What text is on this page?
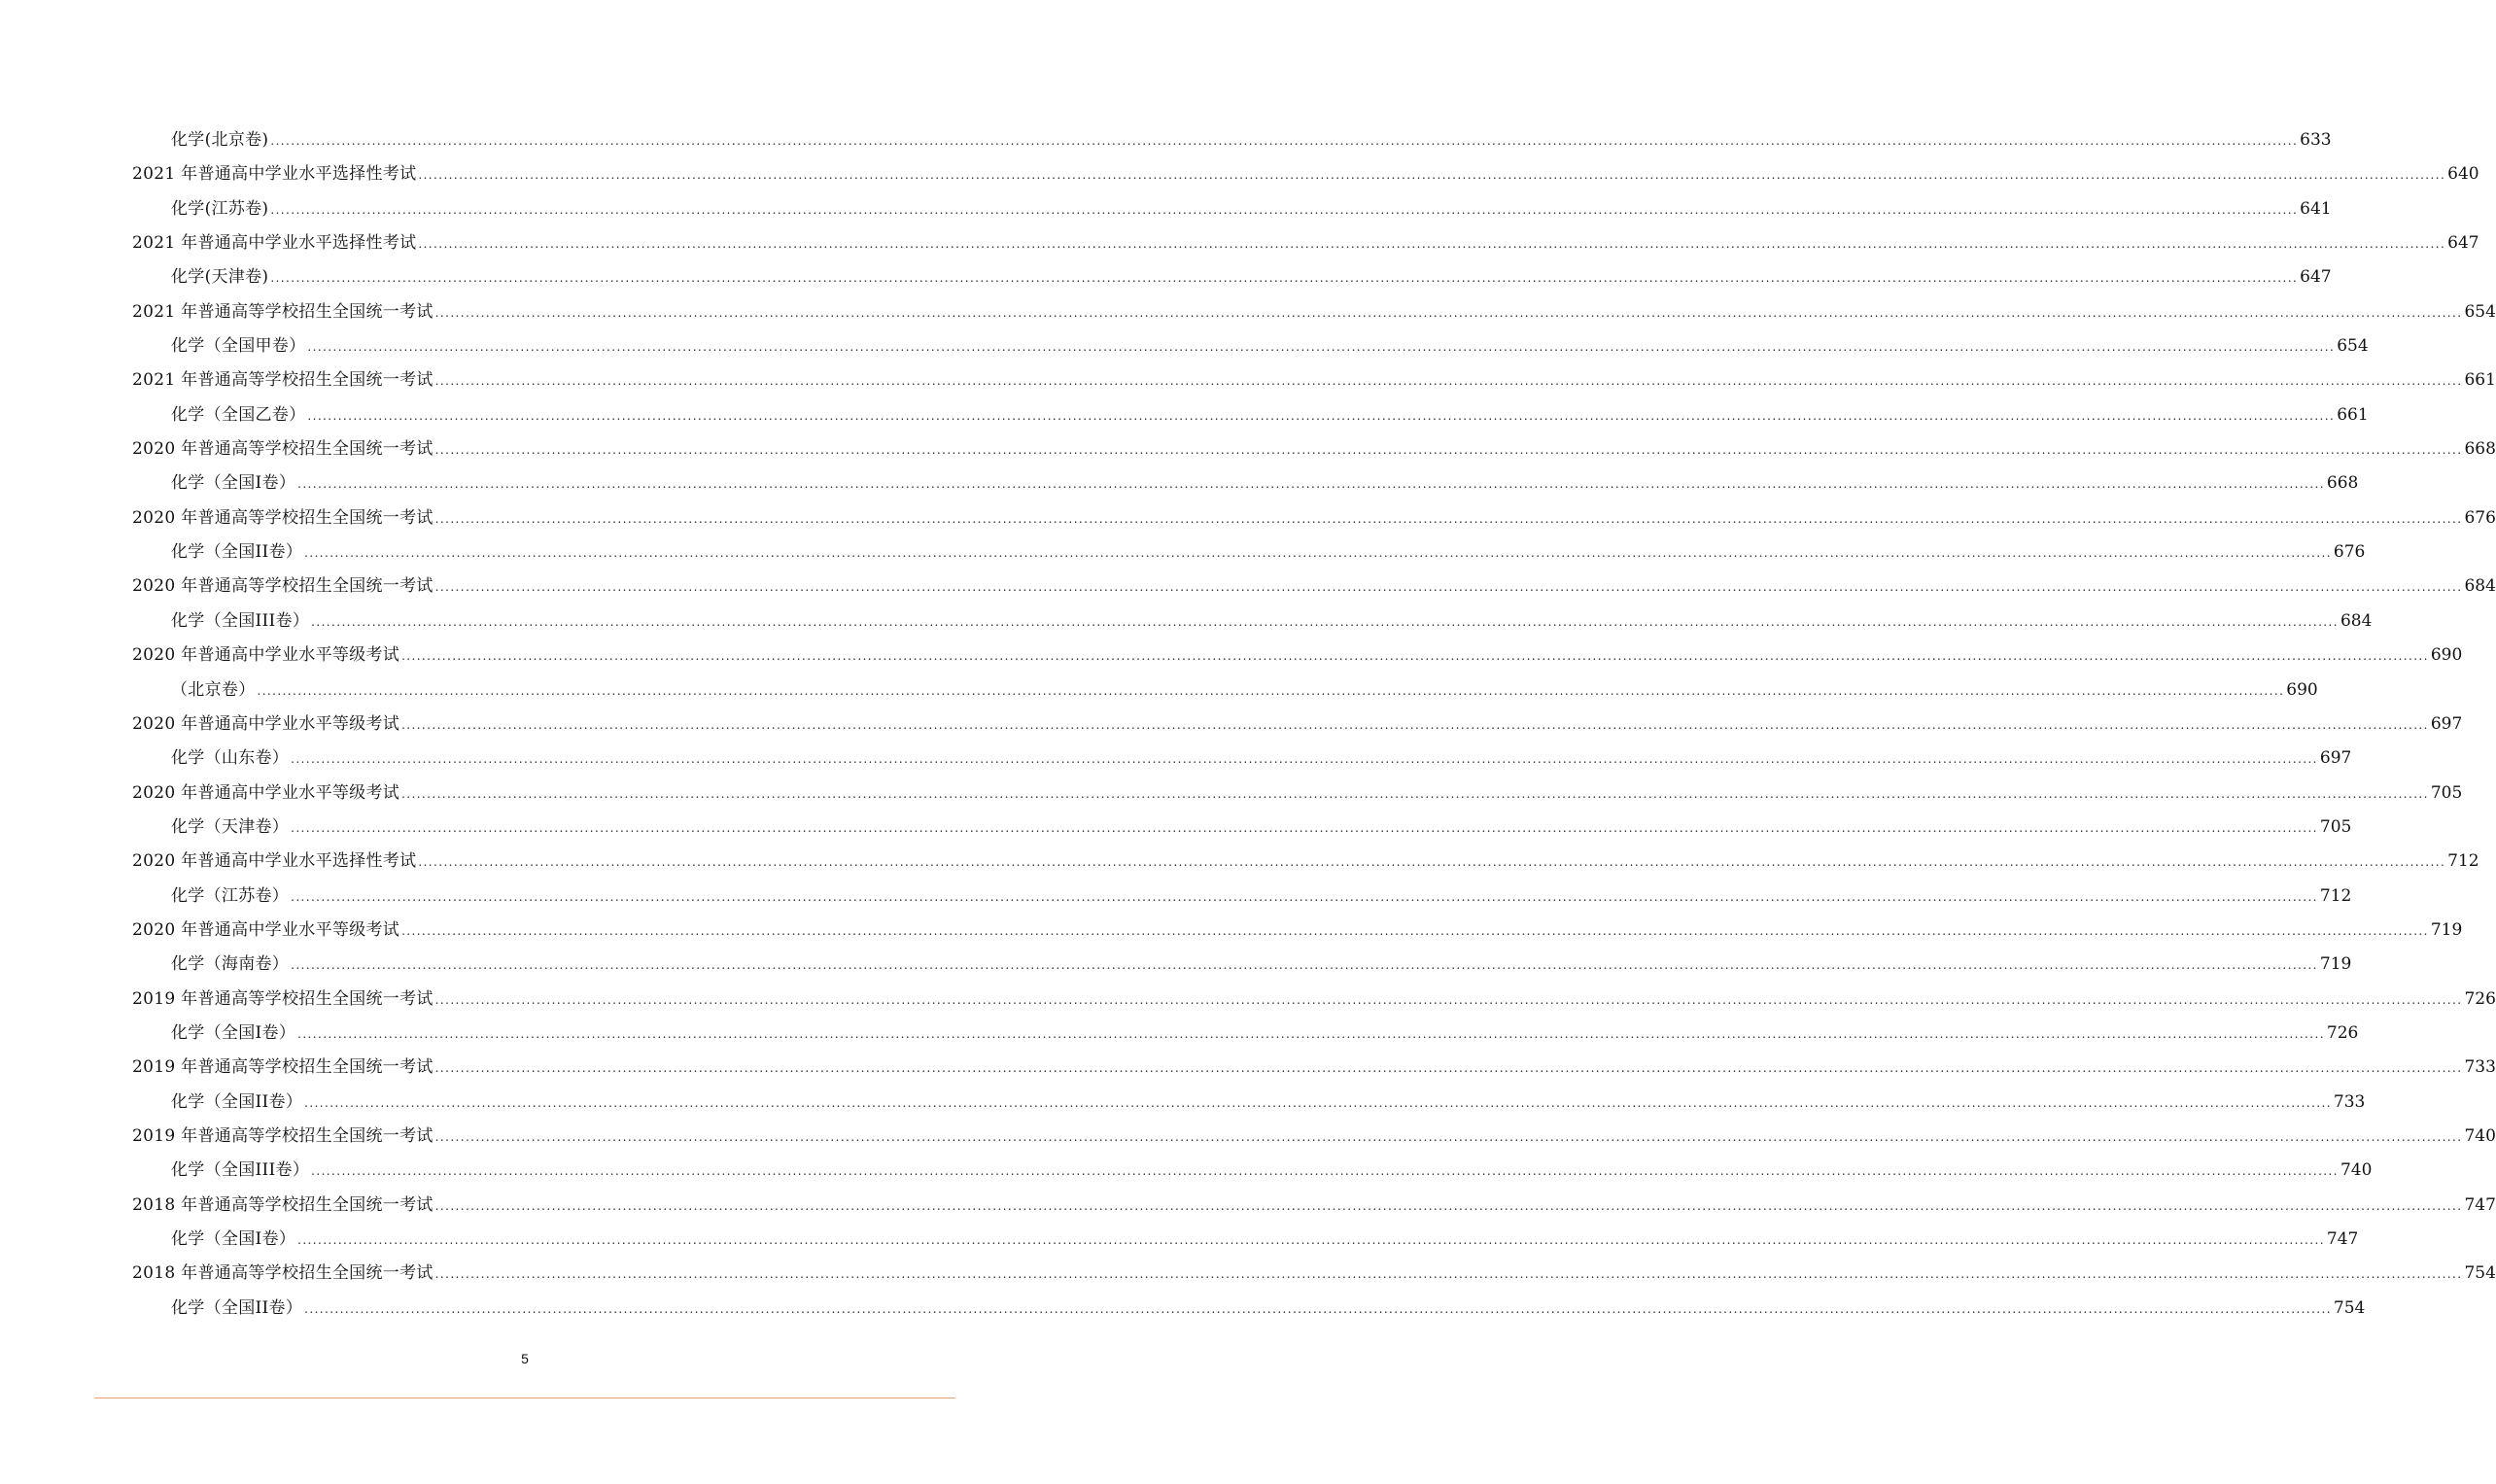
化学(北京卷) ................................................................................................................................................................................................................................................................................................................................................................................................................ 633
2021 年普通高中学业水平选择性考试 ................................................................................................................................................................................................................................................................................................................................................................................................................ 640
化学(江苏卷) ................................................................................................................................................................................................................................................................................................................................................................................................................ 641
2021 年普通高中学业水平选择性考试 ................................................................................................................................................................................................................................................................................................................................................................................................................ 647
化学(天津卷) ................................................................................................................................................................................................................................................................................................................................................................................................................ 647
2021 年普通高等学校招生全国统一考试 ................................................................................................................................................................................................................................................................................................................................................................................................................ 654
化学（全国甲卷） ................................................................................................................................................................................................................................................................................................................................................................................................................ 654
2021 年普通高等学校招生全国统一考试 ................................................................................................................................................................................................................................................................................................................................................................................................................ 661
化学（全国乙卷） ................................................................................................................................................................................................................................................................................................................................................................................................................ 661
2020 年普通高等学校招生全国统一考试 ................................................................................................................................................................................................................................................................................................................................................................................................................ 668
化学（全国I卷） ................................................................................................................................................................................................................................................................................................................................................................................................................ 668
2020 年普通高等学校招生全国统一考试 ................................................................................................................................................................................................................................................................................................................................................................................................................ 676
化学（全国II卷） ................................................................................................................................................................................................................................................................................................................................................................................................................ 676
2020 年普通高等学校招生全国统一考试 ................................................................................................................................................................................................................................................................................................................................................................................................................ 684
化学（全国III卷） ................................................................................................................................................................................................................................................................................................................................................................................................................ 684
2020 年普通高中学业水平等级考试 ................................................................................................................................................................................................................................................................................................................................................................................................................ 690
（北京卷） ................................................................................................................................................................................................................................................................................................................................................................................................................ 690
2020 年普通高中学业水平等级考试 ................................................................................................................................................................................................................................................................................................................................................................................................................ 697
化学（山东卷） ................................................................................................................................................................................................................................................................................................................................................................................................................ 697
2020 年普通高中学业水平等级考试 ................................................................................................................................................................................................................................................................................................................................................................................................................ 705
化学（天津卷） ................................................................................................................................................................................................................................................................................................................................................................................................................ 705
2020 年普通高中学业水平选择性考试 ................................................................................................................................................................................................................................................................................................................................................................................................................ 712
化学（江苏卷） ................................................................................................................................................................................................................................................................................................................................................................................................................ 712
2020 年普通高中学业水平等级考试 ................................................................................................................................................................................................................................................................................................................................................................................................................ 719
化学（海南卷） ................................................................................................................................................................................................................................................................................................................................................................................................................ 719
2019 年普通高等学校招生全国统一考试 ................................................................................................................................................................................................................................................................................................................................................................................................................ 726
化学（全国I卷） ................................................................................................................................................................................................................................................................................................................................................................................................................ 726
2019 年普通高等学校招生全国统一考试 ................................................................................................................................................................................................................................................................................................................................................................................................................ 733
化学（全国II卷） ................................................................................................................................................................................................................................................................................................................................................................................................................ 733
2019 年普通高等学校招生全国统一考试 ................................................................................................................................................................................................................................................................................................................................................................................................................ 740
化学（全国III卷） ................................................................................................................................................................................................................................................................................................................................................................................................................ 740
2018 年普通高等学校招生全国统一考试 ................................................................................................................................................................................................................................................................................................................................................................................................................ 747
化学（全国I卷） ................................................................................................................................................................................................................................................................................................................................................................................................................ 747
2018 年普通高等学校招生全国统一考试 ................................................................................................................................................................................................................................................................................................................................................................................................................ 754
化学（全国II卷） ................................................................................................................................................................................................................................................................................................................................................................................................................ 754
5
